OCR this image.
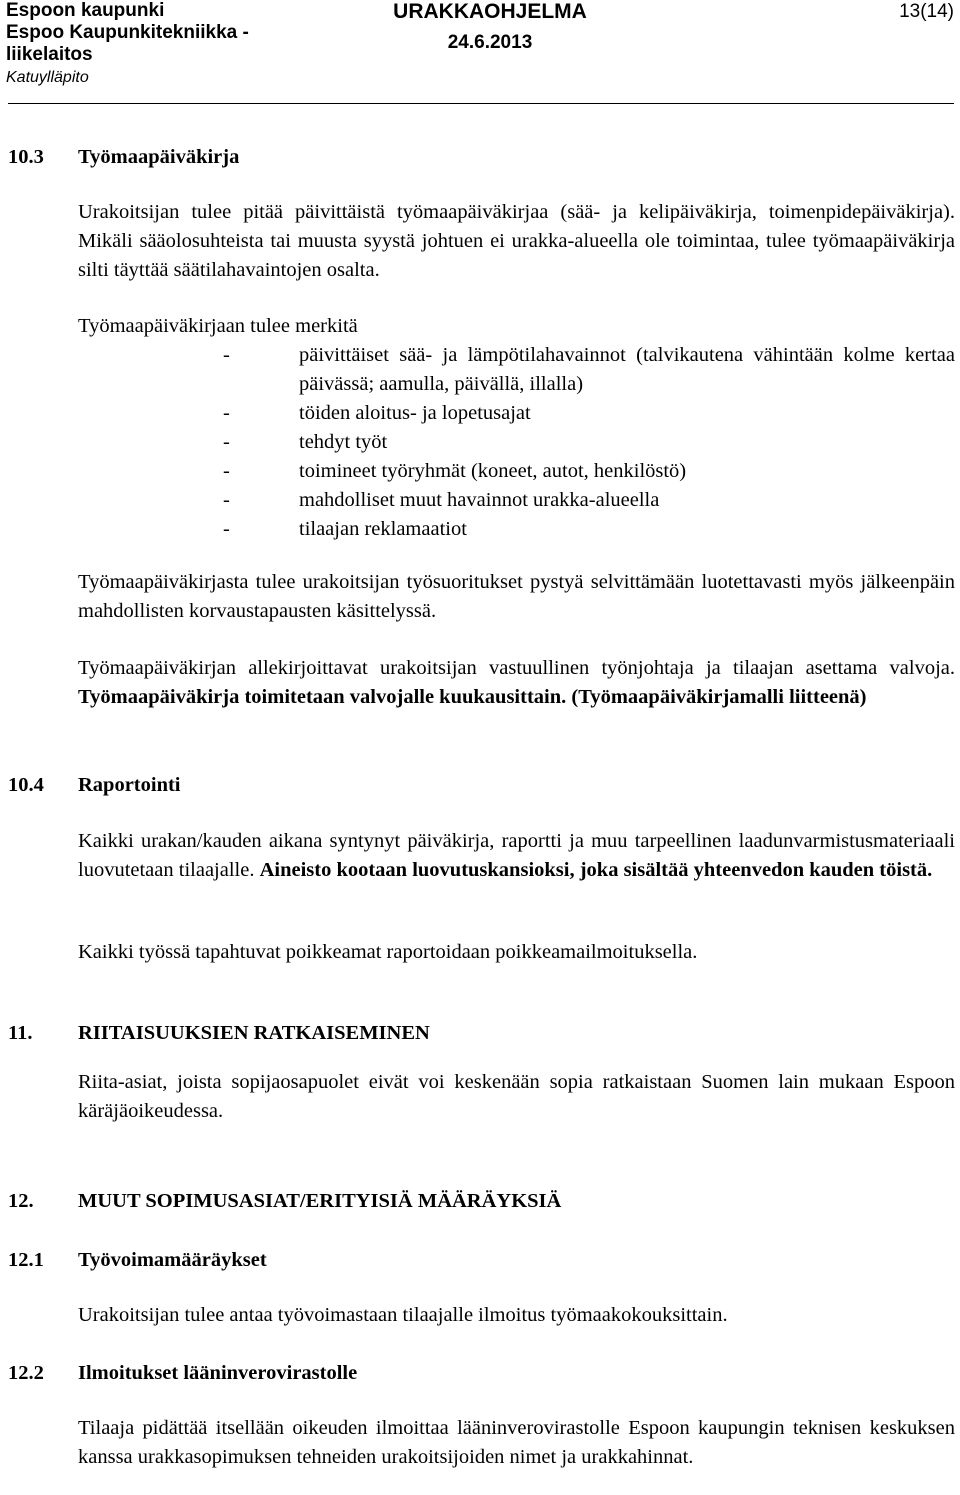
Espoon kaupunki
Espoo Kaupunkitekniikka - liikelaitos
Katuylläpito
URAKKAOHJELMA
24.6.2013
13(14)
10.3 Työmaapäiväkirja
Urakoitsijan tulee pitää päivittäistä työmaapäiväkirjaa (sää- ja kelipäiväkirja, toimenpidepäiväkirja). Mikäli sääolosuhteista tai muusta syystä johtuen ei urakka-alueella ole toimintaa, tulee työmaapäiväkirja silti täyttää säätilahavaintojen osalta.
Työmaapäiväkirjaan tulee merkitä
-	päivittäiset sää- ja lämpötilahavainnot (talvikautena vähintään kolme kertaa päivässä; aamulla, päivällä, illalla)
-	töiden aloitus- ja lopetusajat
-	tehdyt työt
-	toimineet työryhmät (koneet, autot, henkilöstö)
-	mahdolliset muut havainnot urakka-alueella
-	tilaajan reklamaatiot
Työmaapäiväkirjasta tulee urakoitsijan työsuoritukset pystyä selvittämään luotettavasti myös jälkeenpäin mahdollisten korvaustapausten käsittelyssä.
Työmaapäiväkirjan allekirjoittavat urakoitsijan vastuullinen työnjohtaja ja tilaajan asettama valvoja. Työmaapäiväkirja toimitetaan valvojalle kuukausittain. (Työmaapäiväkirjamalli liitteenä)
10.4 Raportointi
Kaikki urakan/kauden aikana syntynyt päiväkirja, raportti ja muu tarpeellinen laadunvarmistusmateriaali luovutetaan tilaajalle. Aineisto kootaan luovutuskansioksi, joka sisältää yhteenvedon kauden töistä.
Kaikki työssä tapahtuvat poikkeamat raportoidaan poikkeamailmoituksella.
11. RIITAISUUKSIEN RATKAISEMINEN
Riita-asiat, joista sopijaosapuolet eivät voi keskenään sopia ratkaistaan Suomen lain mukaan Espoon käräjäoikeudessa.
12. MUUT SOPIMUSASIAT/ERITYISIÄ MÄÄRÄYKSIÄ
12.1 Työvoimamääräykset
Urakoitsijan tulee antaa työvoimastaan tilaajalle ilmoitus työmaakokouksittain.
12.2 Ilmoitukset lääninverovirastolle
Tilaaja pidättää itsellään oikeuden ilmoittaa lääninverovirastolle Espoon kaupungin teknisen keskuksen kanssa urakkasopimuksen tehneiden urakoitsijoiden nimet ja urakkahinnat.
